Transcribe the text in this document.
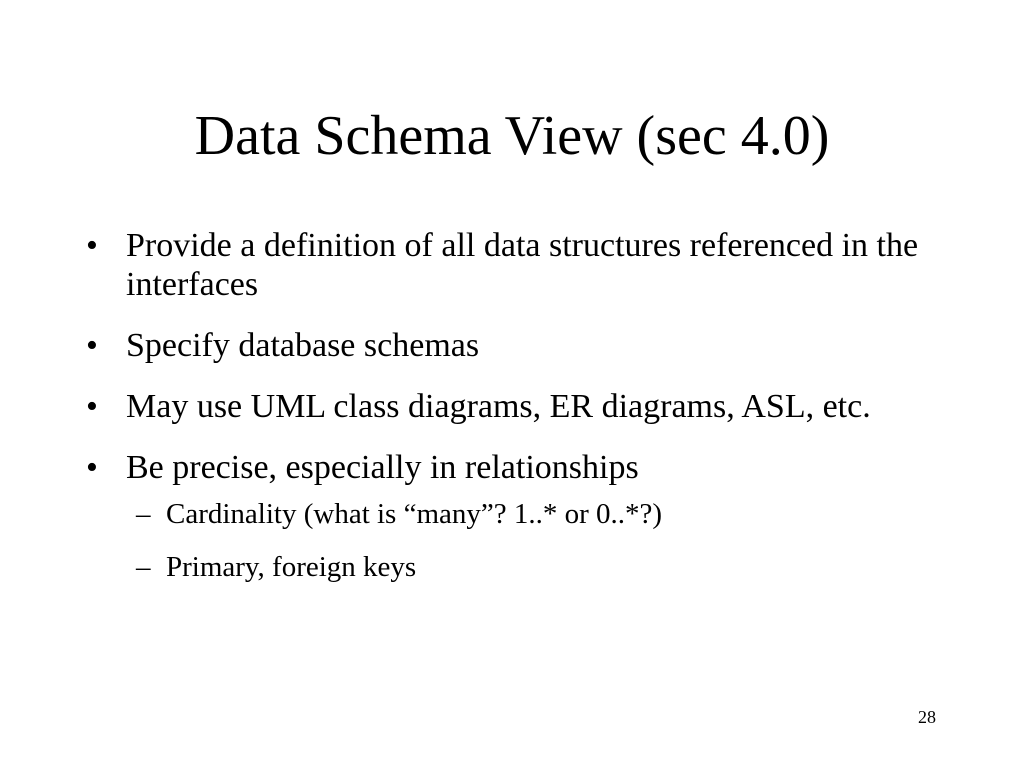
Data Schema View (sec 4.0)
• Provide a definition of all data structures referenced in the interfaces
• Specify database schemas
• May use UML class diagrams, ER diagrams, ASL, etc.
• Be precise, especially in relationships
– Cardinality (what is “many”? 1..* or 0..*?)
– Primary, foreign keys
28
